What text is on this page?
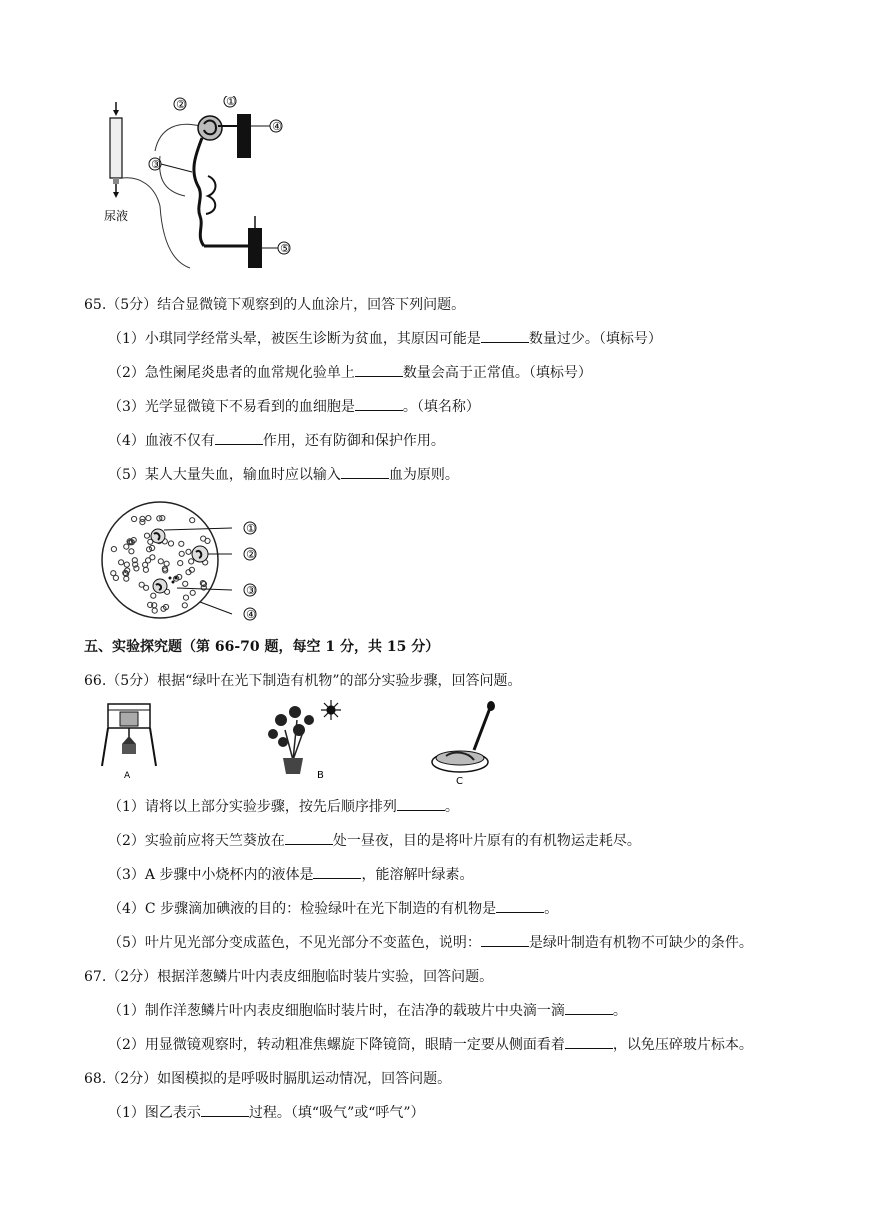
尿液
②	①
④
③
⑤
65.（5分）结合显微镜下观察到的人血涂片，回答下列问题。
（1）小琪同学经常头晕，被医生诊断为贫血，其原因可能是	数量过少。（填标号）
（2）急性阑尾炎患者的血常规化验单上	数量会高于正常值。（填标号）
（3）光学显微镜下不易看到的血细胞是	。（填名称）
（4）血液不仅有	作用，还有防御和保护作用。
（5）某人大量失血，输血时应以输入	血为原则。
①
②
③
④
五、实验探究题（第 66-70 题，每空 1 分，共 15 分）
66.（5分）根据“绿叶在光下制造有机物”的部分实验步骤，回答问题。
A	B
C
（1）请将以上部分实验步骤，按先后顺序排列	。
（2）实验前应将天竺葵放在	处一昼夜，目的是将叶片原有的有机物运走耗尽。
（3）A 步骤中小烧杯内的液体是	，能溶解叶绿素。
（4）C 步骤滴加碘液的目的：检验绿叶在光下制造的有机物是	。
（5）叶片见光部分变成蓝色，不见光部分不变蓝色，说明：	是绿叶制造有机物不可缺少的条件。
67.（2分）根据洋葱鳞片叶内表皮细胞临时装片实验，回答问题。
（1）制作洋葱鳞片叶内表皮细胞临时装片时，在洁净的载玻片中央滴一滴	。
（2）用显微镜观察时，转动粗准焦螺旋下降镜筒，眼睛一定要从侧面看着	，以免压碎玻片标本。
68.（2分）如图模拟的是呼吸时膈肌运动情况，回答问题。
（1）图乙表示	过程。（填“吸气”或“呼气”）
